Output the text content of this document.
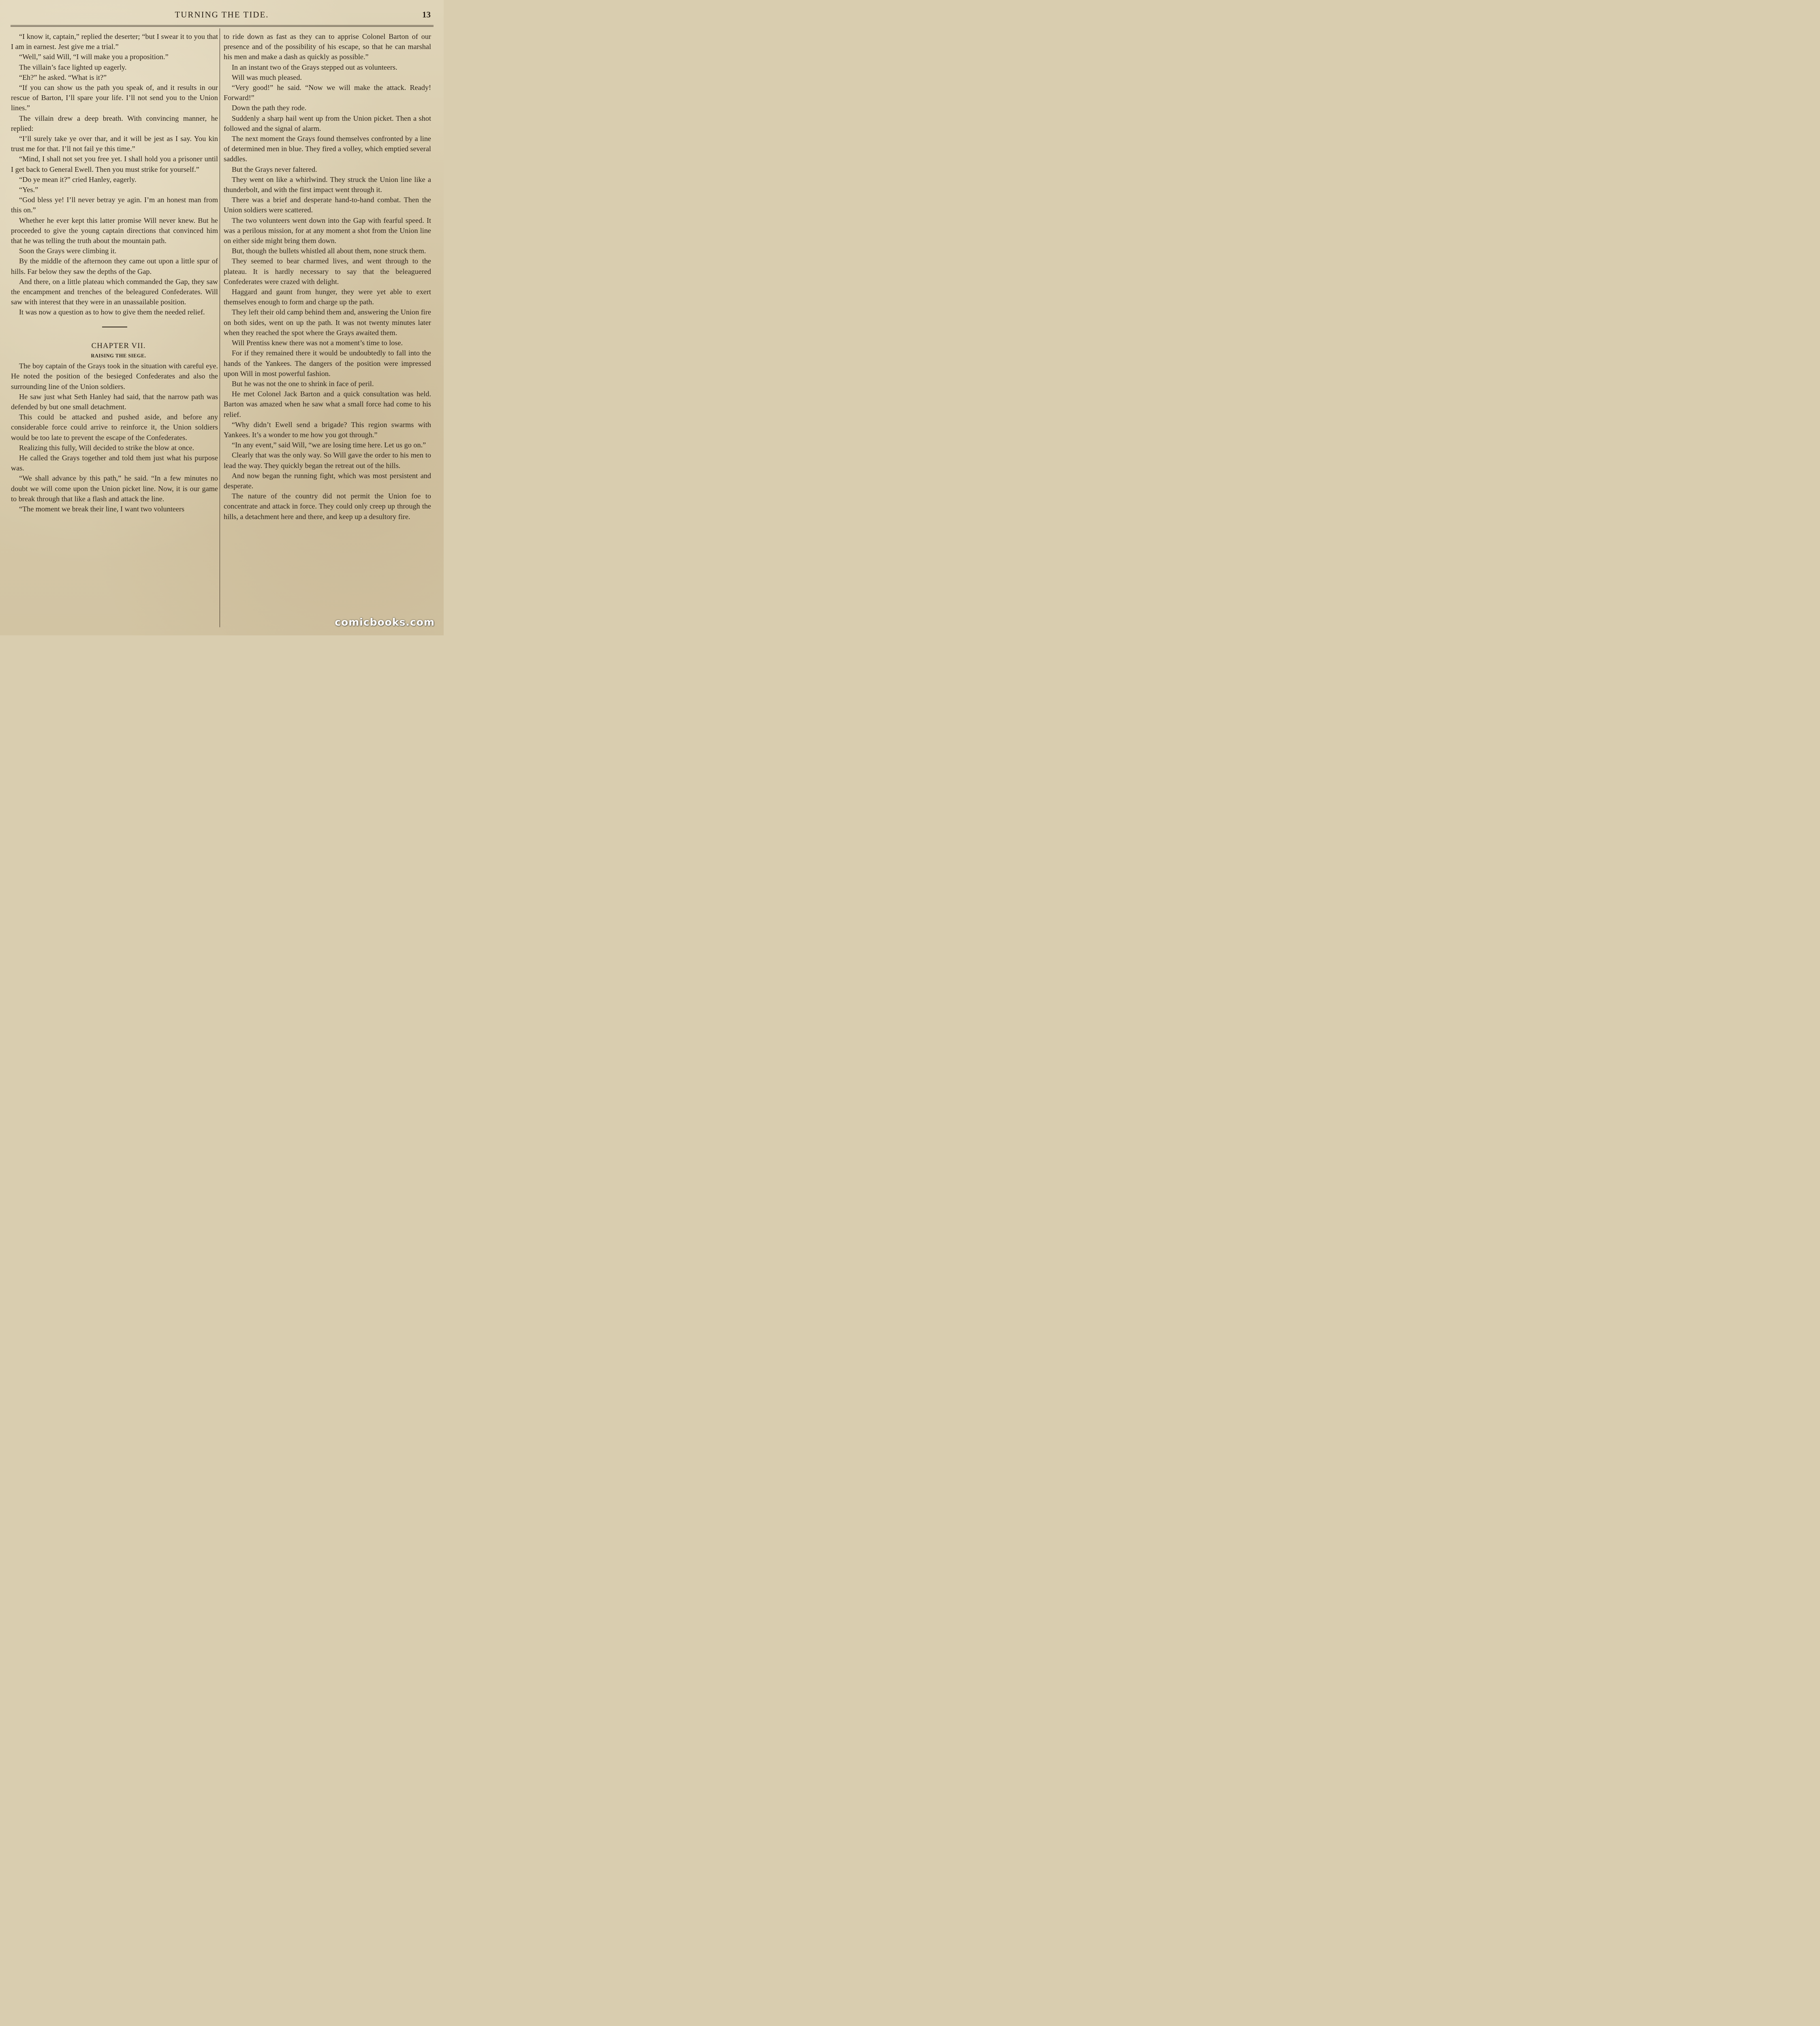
TURNING THE TIDE.	13

“I know it, captain,” replied the deserter; “but I swear it to you that I am in earnest. Jest give me a trial.”

“Well,” said Will, “I will make you a proposition.”

The villain’s face lighted up eagerly.

“Eh?” he asked. “What is it?”

“If you can show us the path you speak of, and it results in our rescue of Barton, I’ll spare your life. I’ll not send you to the Union lines.”

The villain drew a deep breath. With convincing manner, he replied:

“I’ll surely take ye over thar, and it will be jest as I say. You kin trust me for that. I’ll not fail ye this time.”

“Mind, I shall not set you free yet. I shall hold you a prisoner until I get back to General Ewell. Then you must strike for yourself.”

“Do ye mean it?” cried Hanley, eagerly.

“Yes.”

“God bless ye! I’ll never betray ye agin. I’m an honest man from this on.”

Whether he ever kept this latter promise Will never knew. But he proceeded to give the young captain directions that convinced him that he was telling the truth about the mountain path.

Soon the Grays were climbing it.

By the middle of the afternoon they came out upon a little spur of hills. Far below they saw the depths of the Gap.

And there, on a little plateau which commanded the Gap, they saw the encampment and trenches of the beleagured Confederates. Will saw with interest that they were in an unassailable position.

It was now a question as to how to give them the needed relief.

CHAPTER VII.

RAISING THE SIEGE.

The boy captain of the Grays took in the situation with careful eye. He noted the position of the besieged Confederates and also the surrounding line of the Union soldiers.

He saw just what Seth Hanley had said, that the narrow path was defended by but one small detachment.

This could be attacked and pushed aside, and before any considerable force could arrive to reinforce it, the Union soldiers would be too late to prevent the escape of the Confederates.

Realizing this fully, Will decided to strike the blow at once.

He called the Grays together and told them just what his purpose was.

“We shall advance by this path,” he said. “In a few minutes no doubt we will come upon the Union picket line. Now, it is our game to break through that like a flash and attack the line.

“The moment we break their line, I want two volunteers

to ride down as fast as they can to apprise Colonel Barton of our presence and of the possibility of his escape, so that he can marshal his men and make a dash as quickly as possible.”

In an instant two of the Grays stepped out as volunteers.

Will was much pleased.

“Very good!” he said. “Now we will make the attack. Ready! Forward!”

Down the path they rode.

Suddenly a sharp hail went up from the Union picket. Then a shot followed and the signal of alarm.

The next moment the Grays found themselves confronted by a line of determined men in blue. They fired a volley, which emptied several saddles.

But the Grays never faltered.

They went on like a whirlwind. They struck the Union line like a thunderbolt, and with the first impact went through it.

There was a brief and desperate hand-to-hand combat. Then the Union soldiers were scattered.

The two volunteers went down into the Gap with fearful speed. It was a perilous mission, for at any moment a shot from the Union line on either side might bring them down.

But, though the bullets whistled all about them, none struck them.

They seemed to bear charmed lives, and went through to the plateau. It is hardly necessary to say that the beleaguered Confederates were crazed with delight.

Haggard and gaunt from hunger, they were yet able to exert themselves enough to form and charge up the path.

They left their old camp behind them and, answering the Union fire on both sides, went on up the path. It was not twenty minutes later when they reached the spot where the Grays awaited them.

Will Prentiss knew there was not a moment’s time to lose.

For if they remained there it would be undoubtedly to fall into the hands of the Yankees. The dangers of the position were impressed upon Will in most powerful fashion.

But he was not the one to shrink in face of peril.

He met Colonel Jack Barton and a quick consultation was held. Barton was amazed when he saw what a small force had come to his relief.

“Why didn’t Ewell send a brigade? This region swarms with Yankees. It’s a wonder to me how you got through.”

“In any event,” said Will, “we are losing time here. Let us go on.”

Clearly that was the only way. So Will gave the order to his men to lead the way. They quickly began the retreat out of the hills.

And now began the running fight, which was most persistent and desperate.

The nature of the country did not permit the Union foe to concentrate and attack in force. They could only creep up through the hills, a detachment here and there, and keep up a desultory fire.

comicbooks.com
